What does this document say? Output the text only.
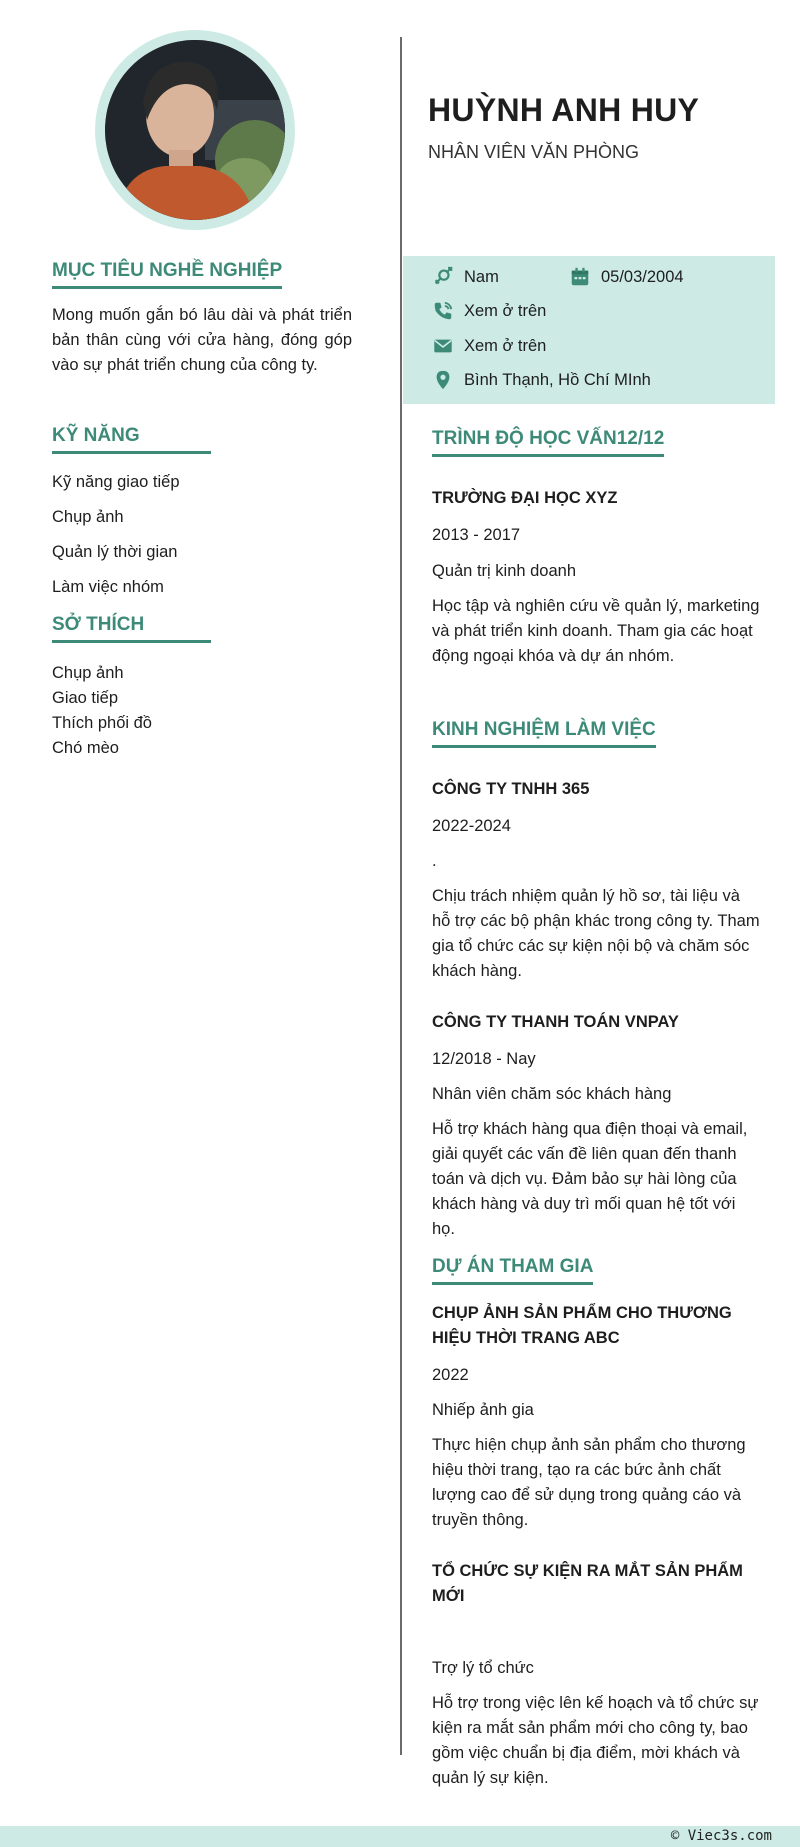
MỤC TIÊU NGHỀ NGHIỆP
Mong muốn gắn bó lâu dài và phát triển bản thân cùng với cửa hàng, đóng góp vào sự phát triển chung của công ty.
KỸ NĂNG
Kỹ năng giao tiếp
Chụp ảnh
Quản lý thời gian
Làm việc nhóm
SỞ THÍCH
Chụp ảnh
Giao tiếp
Thích phối đồ
Chó mèo
HUỲNH ANH HUY
NHÂN VIÊN VĂN PHÒNG
Nam	05/03/2004
Xem ở trên
Xem ở trên
Bình Thạnh, Hồ Chí MInh
TRÌNH ĐỘ HỌC VẤN12/12
TRƯỜNG ĐẠI HỌC XYZ
2013 - 2017
Quản trị kinh doanh
Học tập và nghiên cứu về quản lý, marketing và phát triển kinh doanh. Tham gia các hoạt động ngoại khóa và dự án nhóm.
KINH NGHIỆM LÀM VIỆC
CÔNG TY TNHH 365
2022-2024
.
Chịu trách nhiệm quản lý hồ sơ, tài liệu và hỗ trợ các bộ phận khác trong công ty. Tham gia tổ chức các sự kiện nội bộ và chăm sóc khách hàng.
CÔNG TY THANH TOÁN VNPAY
12/2018 - Nay
Nhân viên chăm sóc khách hàng
Hỗ trợ khách hàng qua điện thoại và email, giải quyết các vấn đề liên quan đến thanh toán và dịch vụ. Đảm bảo sự hài lòng của khách hàng và duy trì mối quan hệ tốt với họ.
DỰ ÁN THAM GIA
CHỤP ẢNH SẢN PHẨM CHO THƯƠNG HIỆU THỜI TRANG ABC
2022
Nhiếp ảnh gia
Thực hiện chụp ảnh sản phẩm cho thương hiệu thời trang, tạo ra các bức ảnh chất lượng cao để sử dụng trong quảng cáo và truyền thông.
TỔ CHỨC SỰ KIỆN RA MẮT SẢN PHẨM MỚI
Trợ lý tổ chức
Hỗ trợ trong việc lên kế hoạch và tổ chức sự kiện ra mắt sản phẩm mới cho công ty, bao gồm việc chuẩn bị địa điểm, mời khách và quản lý sự kiện.
© Viec3s.com
